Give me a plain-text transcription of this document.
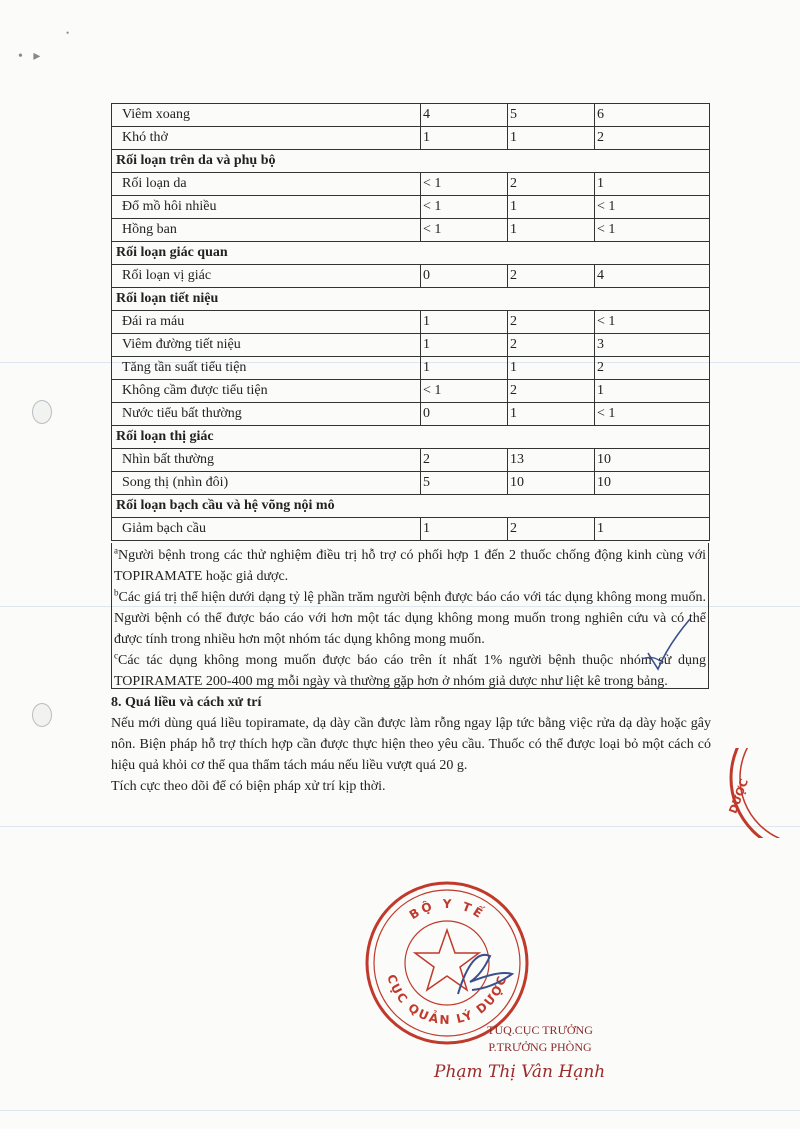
•   ▸
•
Viêm xoang	4	5	6
Khó thở	1	1	2
Rối loạn trên da và phụ bộ			
Rối loạn da	< 1	2	1
Đổ mồ hôi nhiều	< 1	1	< 1
Hồng ban	< 1	1	< 1
Rối loạn giác quan			
Rối loạn vị giác	0	2	4
Rối loạn tiết niệu			
Đái ra máu	1	2	< 1
Viêm đường tiết niệu	1	2	3
Tăng tần suất tiểu tiện	1	1	2
Không cầm được tiểu tiện	< 1	2	1
Nước tiểu bất thường	0	1	< 1
Rối loạn thị giác			
Nhìn bất thường	2	13	10
Song thị (nhìn đôi)	5	10	10
Rối loạn bạch cầu và hệ võng nội mô			
Giảm bạch cầu	1	2	1

$^a$Người bệnh trong các thử nghiệm điều trị hỗ trợ có phối hợp 1 đến 2 thuốc chống động kinh cùng với TOPIRAMATE hoặc giả dược.

$^b$Các giá trị thể hiện dưới dạng tỷ lệ phần trăm người bệnh được báo cáo với tác dụng không mong muốn. Người bệnh có thể được báo cáo với hơn một tác dụng không mong muốn trong nghiên cứu và có thể được tính trong nhiều hơn một nhóm tác dụng không mong muốn.

$^c$Các tác dụng không mong muốn được báo cáo trên ít nhất 1% người bệnh thuộc nhóm sử dụng TOPIRAMATE 200-400 mg mỗi ngày và thường gặp hơn ở nhóm giả dược như liệt kê trong bảng.

8. Quá liều và cách xử trí

Nếu mới dùng quá liều topiramate, dạ dày cần được làm rỗng ngay lập tức bằng việc rửa dạ dày hoặc gây nôn. Biện pháp hỗ trợ thích hợp cần được thực hiện theo yêu cầu. Thuốc có thể được loại bỏ một cách có hiệu quả khỏi cơ thể qua thẩm tách máu nếu liều vượt quá 20 g.

Tích cực theo dõi để có biện pháp xử trí kịp thời.	DƯỢC
BỘ Y TẾ
CỤC QUẢN LÝ DƯỢC
TUQ.CỤC TRƯỞNG
P.TRƯỞNG PHÒNG
Phạm Thị Vân Hạnh
